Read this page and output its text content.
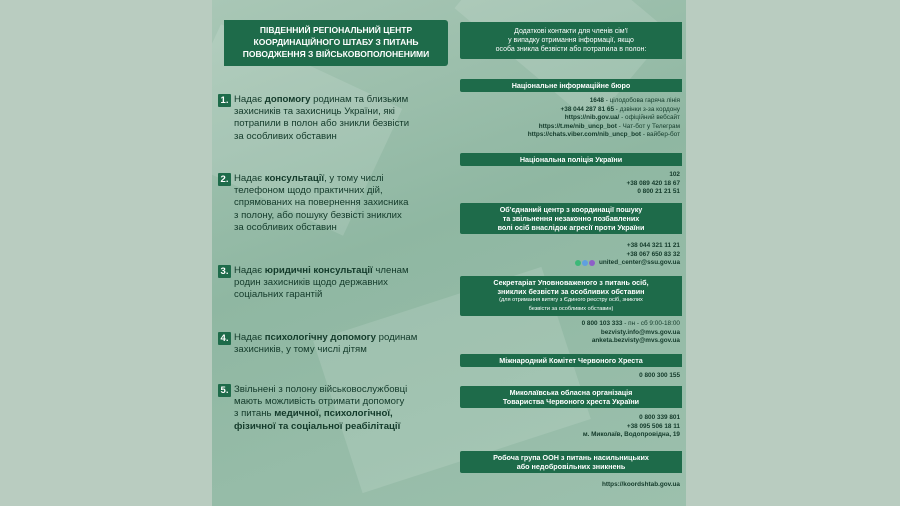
ПІВДЕННИЙ РЕГІОНАЛЬНИЙ ЦЕНТР
КООРДИНАЦІЙНОГО ШТАБУ З ПИТАНЬ
ПОВОДЖЕННЯ З ВІЙСЬКОВОПОЛОНЕНИМИ
1. Надає допомогу родинам та близьким
захисників та захисниць України, які
потрапили в полон або зникли безвісти
за особливих обставин
2. Надає консультації, у тому числі
телефоном щодо практичних дій,
спрямованих на повернення захисника
з полону, або пошуку безвісті зниклих
за особливих обставин
3. Надає юридичні консультації членам
родин захисників щодо державних
соціальних гарантій
4. Надає психологічну допомогу родинам
захисників, у тому числі дітям
5. Звільнені з полону військовослужбовці
мають можливість отримати допомогу
з питань медичної, психологічної,
фізичної та соціальної реабілітації
Додаткові контакти для членів сім'ї
у випадку отримання інформації, якщо
особа зникла безвісти або потрапила в полон:
Національне інформаційне бюро
1648 - цілодобова гаряча лінія
+38 044 287 81 65 - дзвінки з-за кордону
https://nib.gov.ua/ - офіційний вебсайт
https://t.me/nib_uncp_bot - Чат-бот у Телеграм
https://chats.viber.com/nib_uncp_bot - вайбер-бот
Національна поліція України
102
+38 089 420 18 67
0 800 21 21 51
Об'єднаний центр з координації пошуку
та звільнення незаконно позбавлених
волі осіб внаслідок агресії проти України
+38 044 321 11 21
+38 067 650 83 32
united_center@ssu.gov.ua
Секретаріат Уповноваженого з питань осіб,
зниклих безвісти за особливих обставин
(для отримання витягу з Єдиного реєстру осіб, зниклих
безвісти за особливих обставин)
0 800 103 333 - пн - сб 9:00-18:00
bezvisty.info@mvs.gov.ua
anketa.bezvisty@mvs.gov.ua
Міжнародний Комітет Червоного Хреста
0 800 300 155
Миколаївська обласна організація
Товариства Червоного хреста України
0 800 339 801
+38 095 506 18 11
м. Миколаїв, Водопровідна, 19
Робоча група ООН з питань насильницьких
або недобровільних зникнень
https://koordshtab.gov.ua
